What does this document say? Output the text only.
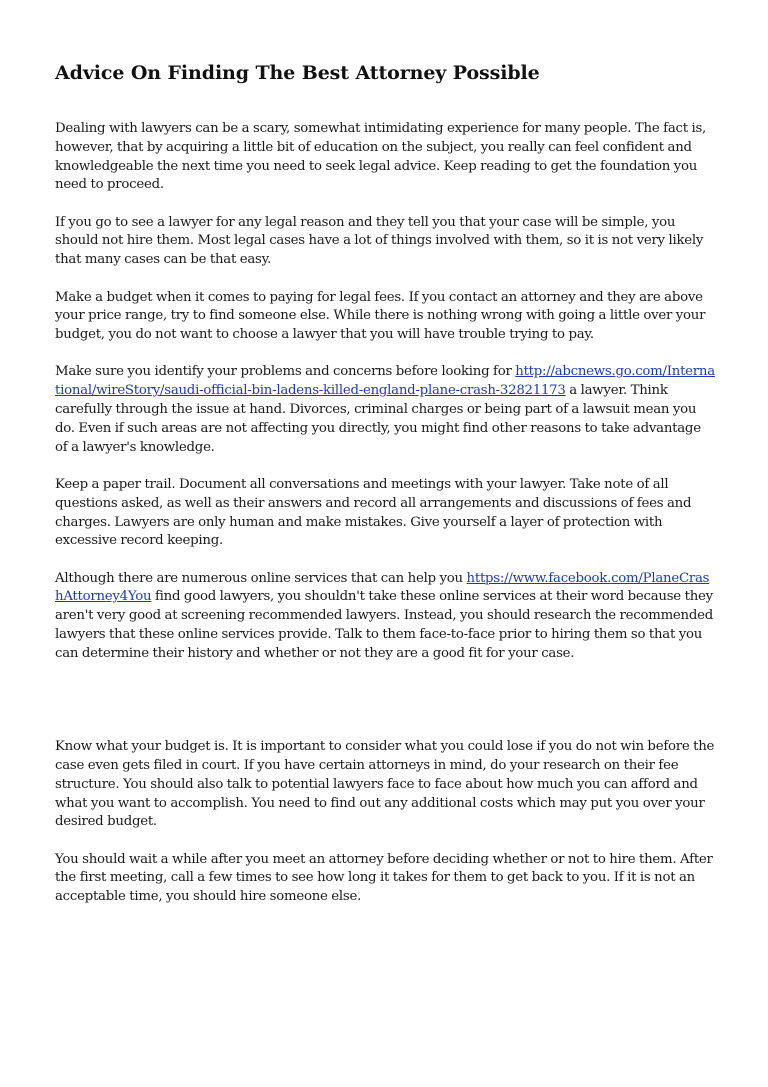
Advice On Finding The Best Attorney Possible

Dealing with lawyers can be a scary, somewhat intimidating experience for many people. The fact is, however, that by acquiring a little bit of education on the subject, you really can feel confident and knowledgeable the next time you need to seek legal advice. Keep reading to get the foundation you need to proceed.

If you go to see a lawyer for any legal reason and they tell you that your case will be simple, you should not hire them. Most legal cases have a lot of things involved with them, so it is not very likely that many cases can be that easy.

Make a budget when it comes to paying for legal fees. If you contact an attorney and they are above your price range, try to find someone else. While there is nothing wrong with going a little over your budget, you do not want to choose a lawyer that you will have trouble trying to pay.

Make sure you identify your problems and concerns before looking for http://abcnews.go.com/International/wireStory/saudi-official-bin-ladens-killed-england-plane-crash-32821173 a lawyer. Think carefully through the issue at hand. Divorces, criminal charges or being part of a lawsuit mean you do. Even if such areas are not affecting you directly, you might find other reasons to take advantage of a lawyer's knowledge.

Keep a paper trail. Document all conversations and meetings with your lawyer. Take note of all questions asked, as well as their answers and record all arrangements and discussions of fees and charges. Lawyers are only human and make mistakes. Give yourself a layer of protection with excessive record keeping.

Although there are numerous online services that can help you https://www.facebook.com/PlaneCrashAttorney4You find good lawyers, you shouldn't take these online services at their word because they aren't very good at screening recommended lawyers. Instead, you should research the recommended lawyers that these online services provide. Talk to them face-to-face prior to hiring them so that you can determine their history and whether or not they are a good fit for your case.

Know what your budget is. It is important to consider what you could lose if you do not win before the case even gets filed in court. If you have certain attorneys in mind, do your research on their fee structure. You should also talk to potential lawyers face to face about how much you can afford and what you want to accomplish. You need to find out any additional costs which may put you over your desired budget.

You should wait a while after you meet an attorney before deciding whether or not to hire them. After the first meeting, call a few times to see how long it takes for them to get back to you. If it is not an acceptable time, you should hire someone else.
